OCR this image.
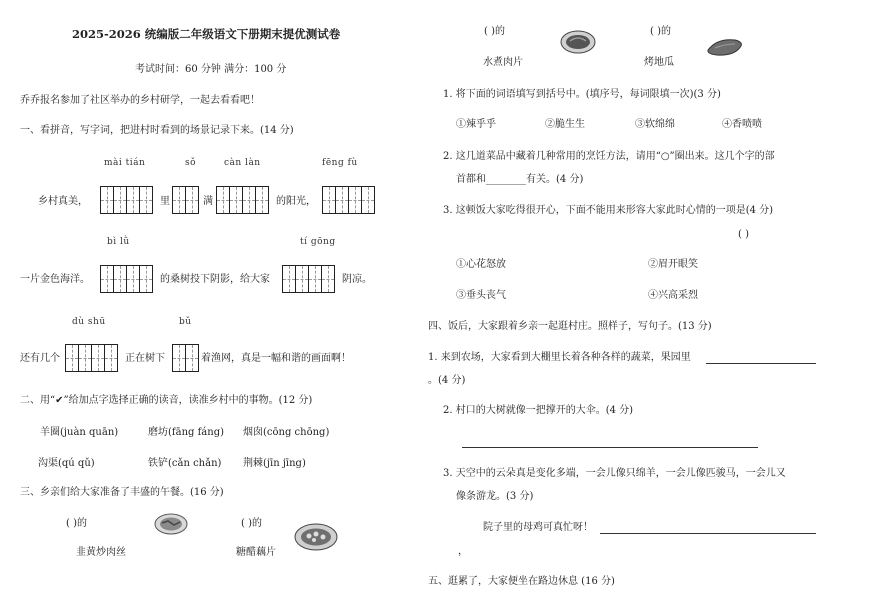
2025-2026 统编版二年级语文下册期末提优测试卷
考试时间：60 分钟 满分：100 分
乔乔报名参加了社区举办的乡村研学，一起去看看吧！
一、看拼音，写字词，把进村时看到的场景记录下来。(14 分)
mài tián	sǒ	càn làn	fēng fù
乡村真美，	里	满	的阳光，
bì lǜ	tí gōng
一片金色海洋。	的桑树投下阴影，给大家	阴凉。
dù shū	bǔ
还有几个	正在树下	着渔网，真是一幅和谐的画面啊！
二、用“✔”给加点字选择正确的读音，读准乡村中的事物。(12 分)
羊圈(juàn quān)	磨坊(fāng fáng) 烟囱(cōng chōng)
沟渠(qú qǔ)	铁铲(cǎn chǎn) 荆棘(jīn jīng)
三、乡亲们给大家准备了丰盛的午餐。(16 分)
( )的	( )的
韭黄炒肉丝	糖醋藕片
( )的	( )的
水煮肉片	烤地瓜
1. 将下面的词语填写到括号中。(填序号，每词限填一次)(3 分)
①辣乎乎	②脆生生	③软绵绵	④香喷喷
2. 这几道菜品中藏着几种常用的烹饪方法，请用“○”圈出来。这几个字的部
首都和________有关。(4 分)
3. 这顿饭大家吃得很开心，下面不能用来形容大家此时心情的一项是(4 分)
( )
①心花怒放	②眉开眼笑
③垂头丧气	④兴高采烈
四、饭后，大家跟着乡亲一起逛村庄。照样子，写句子。(13 分)
1. 来到农场，大家看到大棚里长着各种各样的蔬菜，果园里
。(4 分)
2. 村口的大树就像一把撑开的大伞。(4 分)
3. 天空中的云朵真是变化多端，一会儿像只绵羊，一会儿像匹骏马，一会儿又
像条游龙。(3 分)
院子里的母鸡可真忙呀！
，
五、逛累了，大家便坐在路边休息 (16 分)
